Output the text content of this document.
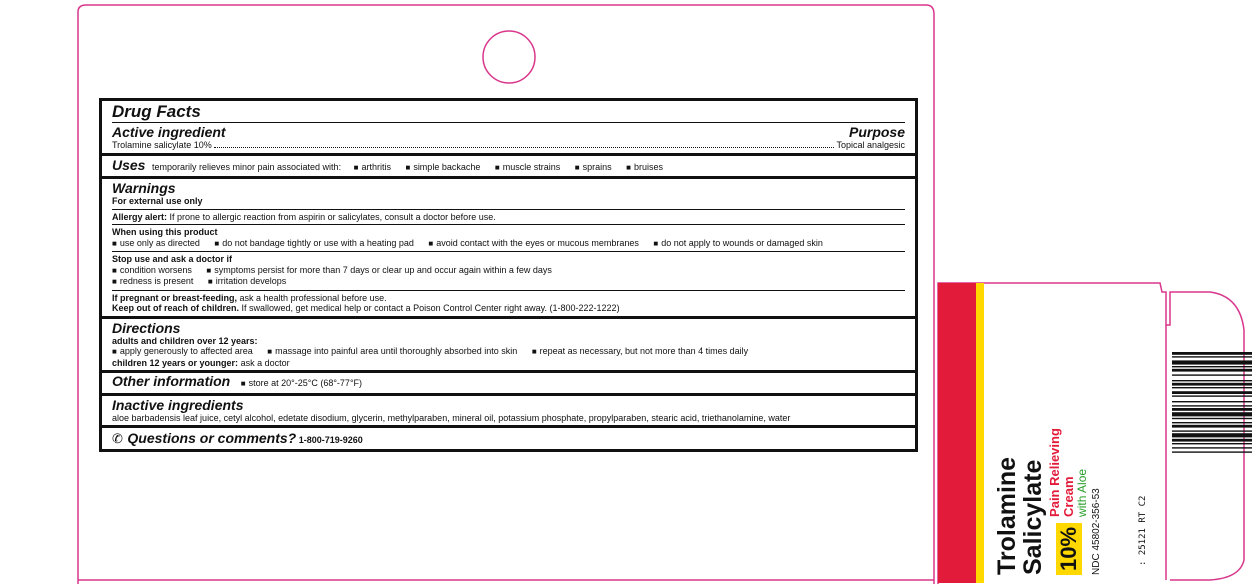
Drug Facts
Active ingredient	Purpose
Trolamine salicylate 10%	Topical analgesic
Uses temporarily relieves minor pain associated with: ■ arthritis ■ simple backache ■ muscle strains ■ sprains ■ bruises
Warnings
For external use only
Allergy alert: If prone to allergic reaction from aspirin or salicylates, consult a doctor before use.
When using this product
■ use only as directed ■ do not bandage tightly or use with a heating pad ■ avoid contact with the eyes or mucous membranes ■ do not apply to wounds or damaged skin
Stop use and ask a doctor if
■ condition worsens ■ symptoms persist for more than 7 days or clear up and occur again within a few days
■ redness is present ■ irritation develops
If pregnant or breast-feeding, ask a health professional before use.
Keep out of reach of children. If swallowed, get medical help or contact a Poison Control Center right away. (1-800-222-1222)
Directions
adults and children over 12 years:
■ apply generously to affected area ■ massage into painful area until thoroughly absorbed into skin ■ repeat as necessary, but not more than 4 times daily
children 12 years or younger: ask a doctor
Other information ■ store at 20°-25°C (68°-77°F)
Inactive ingredients
aloe barbadensis leaf juice, cetyl alcohol, edetate disodium, glycerin, methylparaben, mineral oil, potassium phosphate, propylparaben, stearic acid, triethanolamine, water
✆ Questions or comments? 1-800-719-9260
Trolamine Salicylate 10%
Pain Relieving Cream with Aloe NDC 45802-356-53	: 25121 RT C2
